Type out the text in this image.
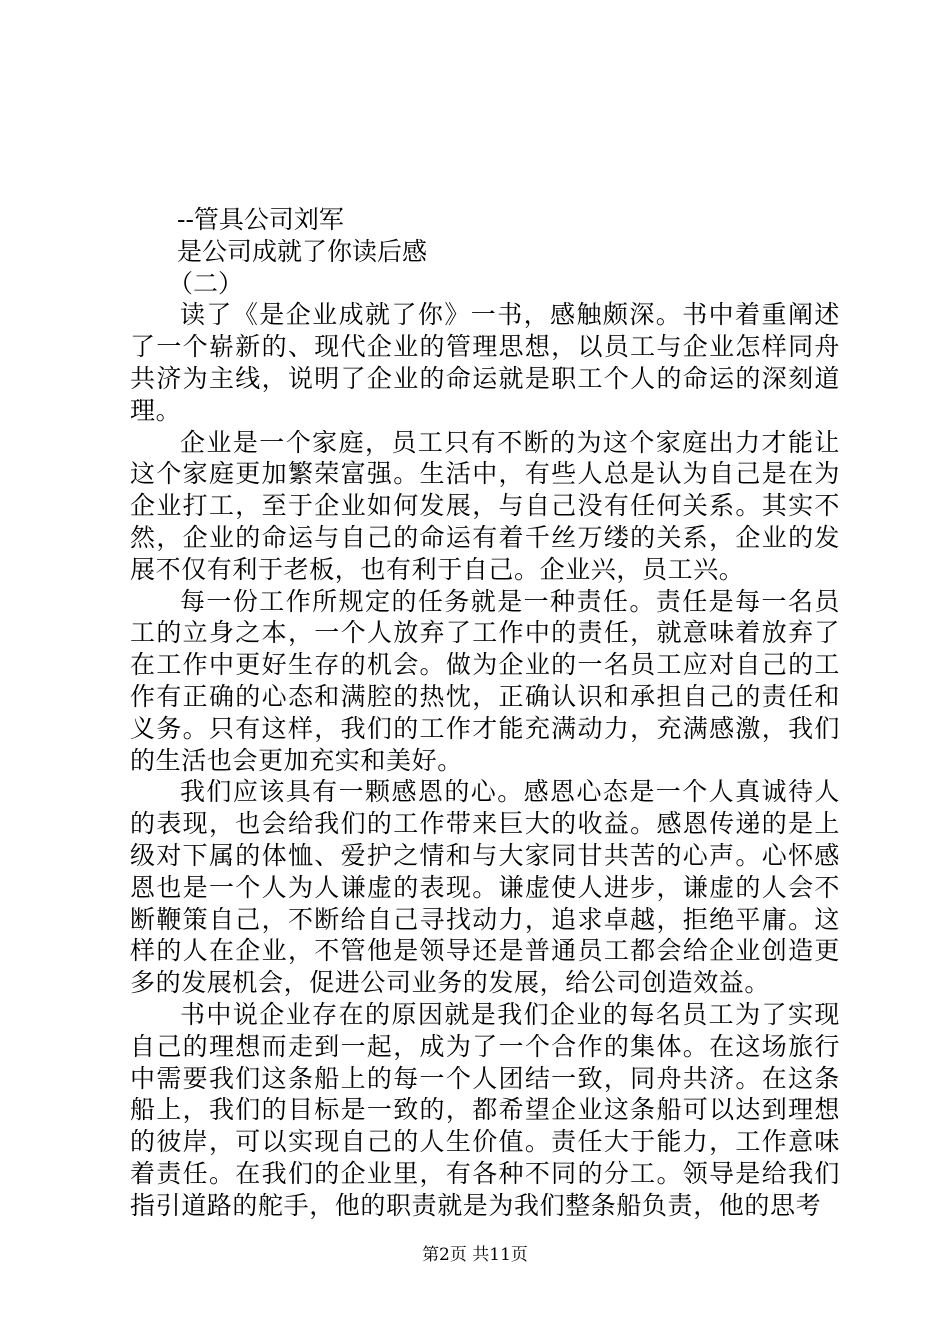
--管具公司刘军
是公司成就了你读后感
（二）

读了《是企业成就了你》一书，感触颇深。书中着重阐述了一个崭新的、现代企业的管理思想，以员工与企业怎样同舟共济为主线，说明了企业的命运就是职工个人的命运的深刻道理。

企业是一个家庭，员工只有不断的为这个家庭出力才能让这个家庭更加繁荣富强。生活中，有些人总是认为自己是在为企业打工，至于企业如何发展，与自己没有任何关系。其实不然，企业的命运与自己的命运有着千丝万缕的关系，企业的发展不仅有利于老板，也有利于自己。企业兴，员工兴。

每一份工作所规定的任务就是一种责任。责任是每一名员工的立身之本，一个人放弃了工作中的责任，就意味着放弃了在工作中更好生存的机会。做为企业的一名员工应对自己的工作有正确的心态和满腔的热忱，正确认识和承担自己的责任和义务。只有这样，我们的工作才能充满动力，充满感激，我们的生活也会更加充实和美好。

我们应该具有一颗感恩的心。感恩心态是一个人真诚待人的表现，也会给我们的工作带来巨大的收益。感恩传递的是上级对下属的体恤、爱护之情和与大家同甘共苦的心声。心怀感恩也是一个人为人谦虚的表现。谦虚使人进步，谦虚的人会不断鞭策自己，不断给自己寻找动力，追求卓越，拒绝平庸。这样的人在企业，不管他是领导还是普通员工都会给企业创造更多的发展机会，促进公司业务的发展，给公司创造效益。

书中说企业存在的原因就是我们企业的每名员工为了实现自己的理想而走到一起，成为了一个合作的集体。在这场旅行中需要我们这条船上的每一个人团结一致，同舟共济。在这条船上，我们的目标是一致的，都希望企业这条船可以达到理想的彼岸，可以实现自己的人生价值。责任大于能力，工作意味着责任。在我们的企业里，有各种不同的分工。领导是给我们指引道路的舵手，他的职责就是为我们整条船负责，他的思考

第2页 共11页
